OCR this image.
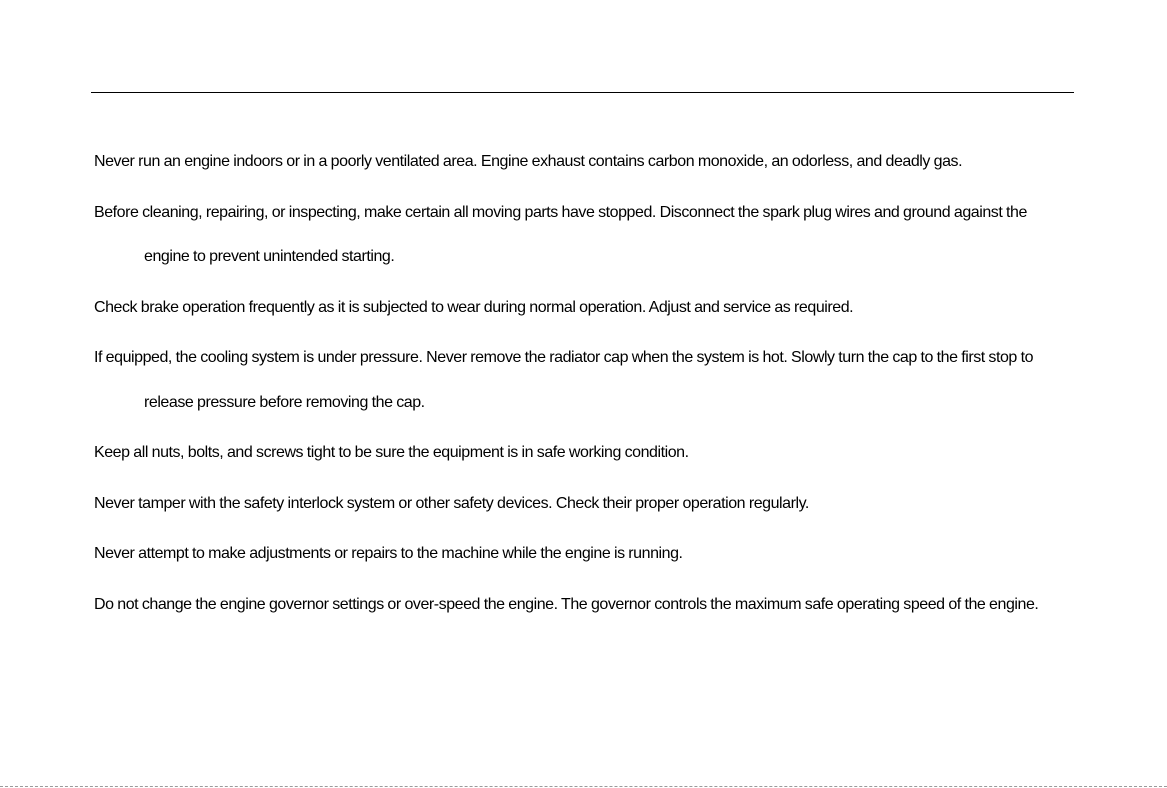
Never run an engine indoors or in a poorly ventilated area. Engine exhaust contains carbon monoxide, an odorless, and deadly gas.

Before cleaning, repairing, or inspecting, make certain all moving parts have stopped. Disconnect the spark plug wires and ground against the engine to prevent unintended starting.

Check brake operation frequently as it is subjected to wear during normal operation. Adjust and service as required.

If equipped, the cooling system is under pressure. Never remove the radiator cap when the system is hot. Slowly turn the cap to the first stop to release pressure before removing the cap.

Keep all nuts, bolts, and screws tight to be sure the equipment is in safe working condition.

Never tamper with the safety interlock system or other safety devices. Check their proper operation regularly.

Never attempt to make adjustments or repairs to the machine while the engine is running.

Do not change the engine governor settings or over-speed the engine. The governor controls the maximum safe operating speed of the engine.
